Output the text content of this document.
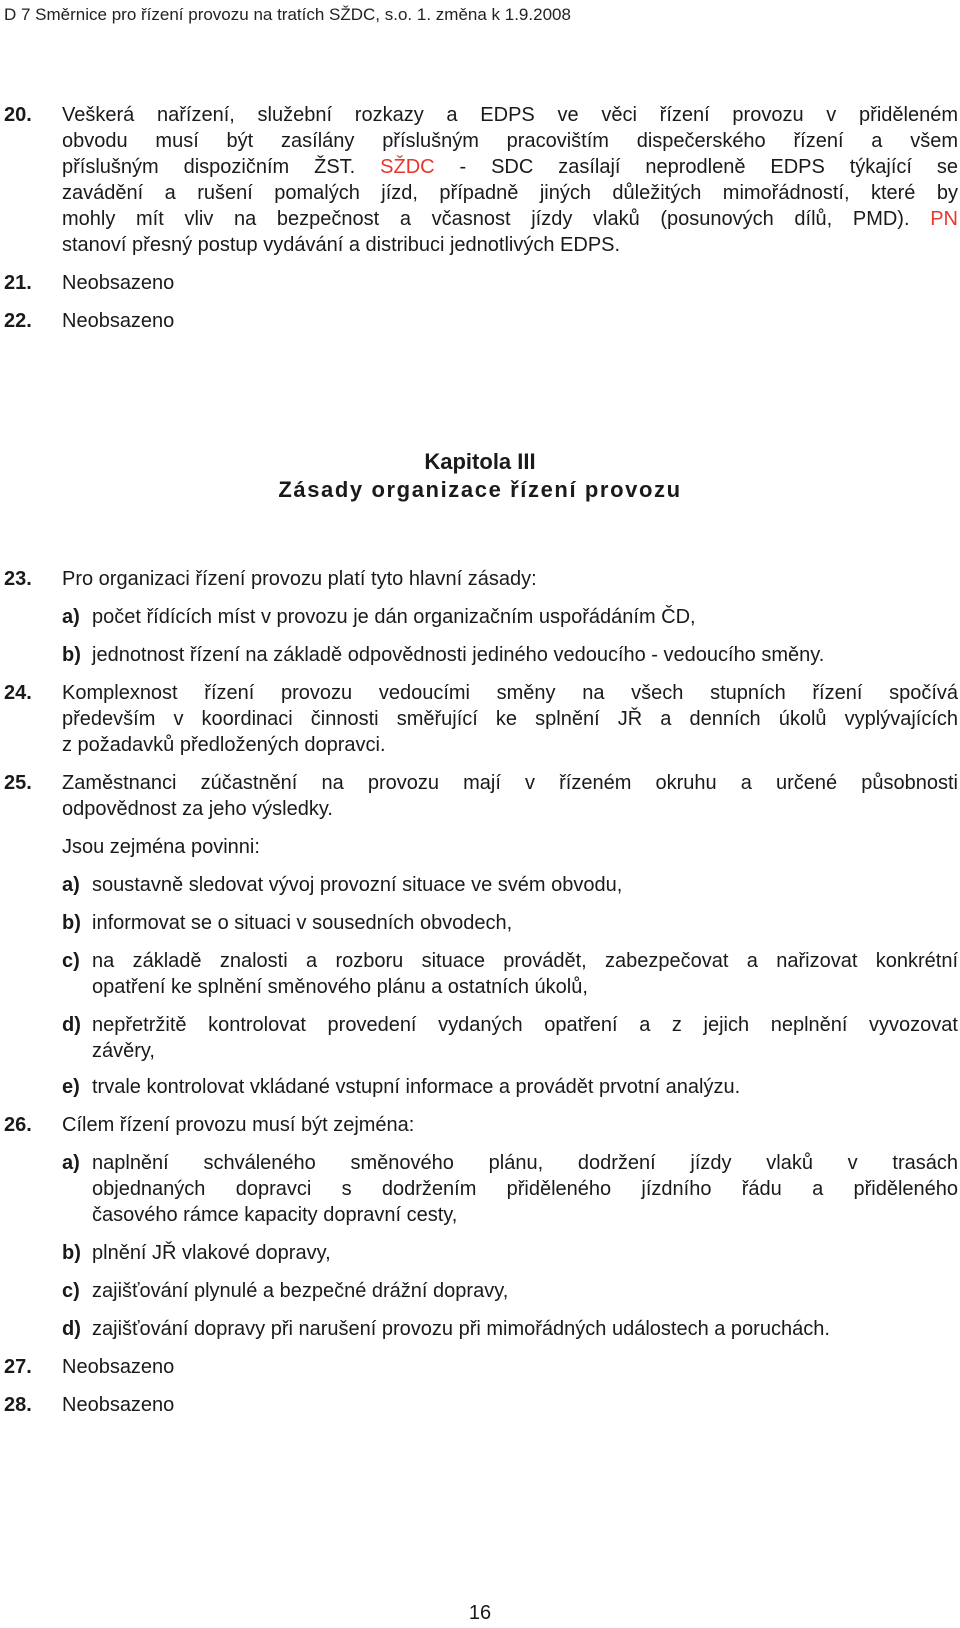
D 7 Směrnice pro řízení provozu na tratích SŽDC, s.o. 1. změna k 1.9.2008
20.	Veškerá nařízení, služební rozkazy a EDPS ve věci řízení provozu v přiděleném
obvodu musí být zasílány příslušným pracovištím dispečerského řízení a všem
příslušným dispozičním ŽST. SŽDC - SDC zasílají neprodleně EDPS týkající se
zavádění a rušení pomalých jízd, případně jiných důležitých mimořádností, které by
mohly mít vliv na bezpečnost a včasnost jízdy vlaků (posunových dílů, PMD). PN
stanoví přesný postup vydávání a distribuci jednotlivých EDPS.
21.	Neobsazeno
22.	Neobsazeno
Kapitola III
Zásady organizace řízení provozu
23.	Pro organizaci řízení provozu platí tyto hlavní zásady:
a) počet řídících míst v provozu je dán organizačním uspořádáním ČD,
b) jednotnost řízení na základě odpovědnosti jediného vedoucího - vedoucího směny.
24.	Komplexnost řízení provozu vedoucími směny na všech stupních řízení spočívá
především v koordinaci činnosti směřující ke splnění JŘ a denních úkolů vyplývajících
z požadavků předložených dopravci.
25.	Zaměstnanci zúčastnění na provozu mají v řízeném okruhu a určené působnosti
odpovědnost za jeho výsledky.
Jsou zejména povinni:
a) soustavně sledovat vývoj provozní situace ve svém obvodu,
b) informovat se o situaci v sousedních obvodech,
c) na základě znalosti a rozboru situace provádět, zabezpečovat a nařizovat konkrétní
opatření ke splnění směnového plánu a ostatních úkolů,
d) nepřetržitě kontrolovat provedení vydaných opatření a z jejich neplnění vyvozovat
závěry,
e) trvale kontrolovat vkládané vstupní informace a provádět prvotní analýzu.
26.	Cílem řízení provozu musí být zejména:
a) naplnění schváleného směnového plánu, dodržení jízdy vlaků v trasách
objednaných dopravci s dodržením přiděleného jízdního řádu a přiděleného
časového rámce kapacity dopravní cesty,
b) plnění JŘ vlakové dopravy,
c) zajišťování plynulé a bezpečné drážní dopravy,
d) zajišťování dopravy při narušení provozu při mimořádných událostech a poruchách.
27.	Neobsazeno
28.	Neobsazeno
16
